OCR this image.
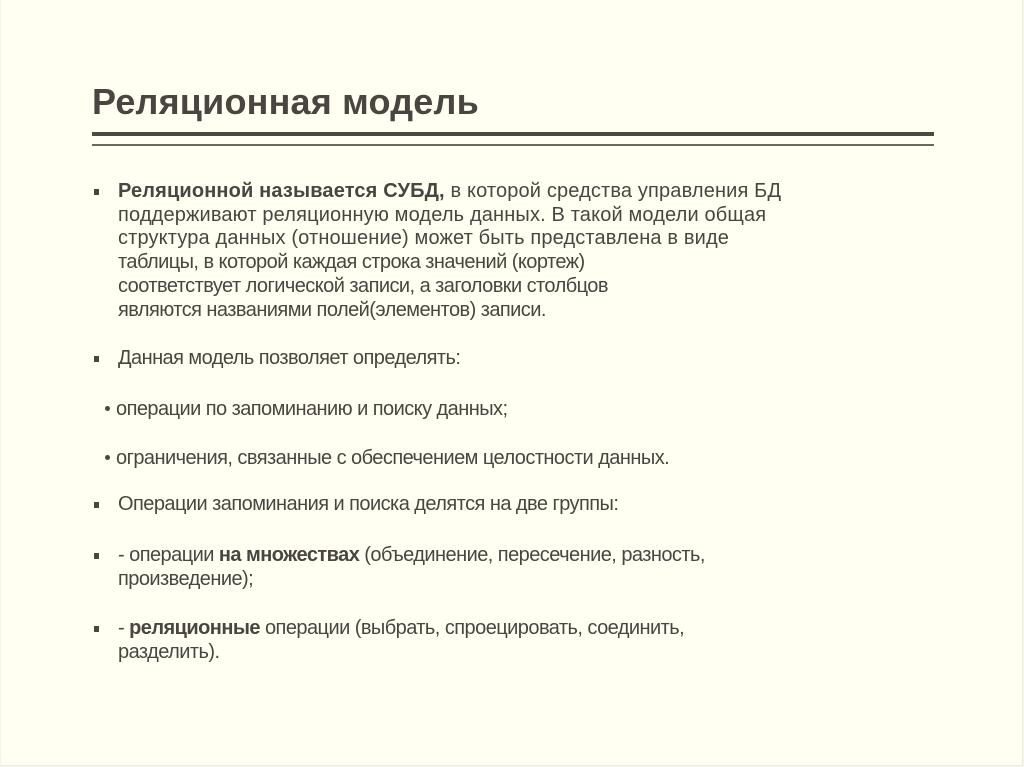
Реляционная модель
Реляционной называется СУБД, в которой средства управления БД
поддерживают реляционную модель данных. В такой модели общая
структура данных (отношение) может быть представлена в виде
таблицы, в которой каждая строка значений (кортеж)
соответствует логической записи, а заголовки столбцов
являются названиями полей(элементов) записи.
Данная модель позволяет определять:
операции по запоминанию и поиску данных;
ограничения, связанные с обеспечением целостности данных.
Операции запоминания и поиска делятся на две группы:
- операции на множествах (объединение, пересечение, разность,
произведение);
- реляционные операции (выбрать, спроецировать, соединить,
разделить).
